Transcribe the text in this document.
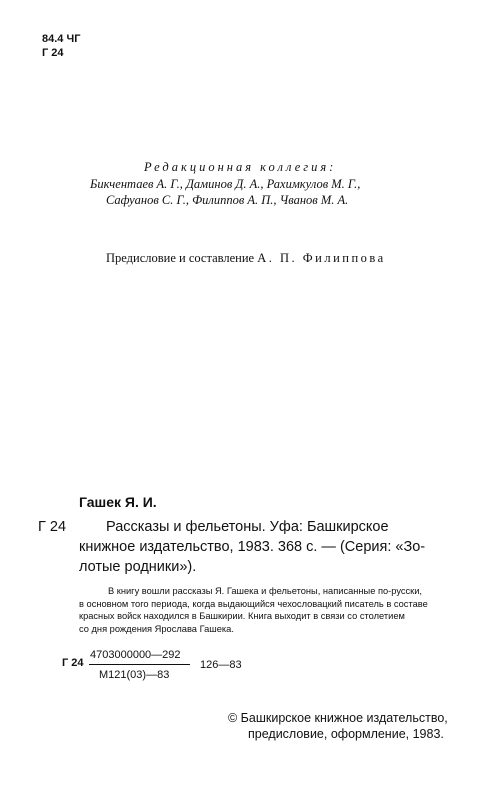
84.4 ЧГ
Г 24
Редакционная коллегия:
Бикчентаев А. Г., Даминов Д. А., Рахимкулов М. Г.,
Сафуанов С. Г., Филиппов А. П., Чванов М. А.
Предисловие и составление А. П. Филиппова
Гашек Я. И.
Г 24	Рассказы и фельетоны. Уфа: Башкирское
книжное издательство, 1983. 368 с. — (Серия: «Зо-
лотые родники»).
В книгу вошли рассказы Я. Гашека и фельетоны, написанные по-русски,
в основном того периода, когда выдающийся чехословацкий писатель в составе
красных войск находился в Башкирии. Книга выходит в связи со столетием
со дня рождения Ярослава Гашека.
Г 24
4703000000—292
М121(03)—83
126—83
© Башкирское книжное издательство,
предисловие, оформление, 1983.
